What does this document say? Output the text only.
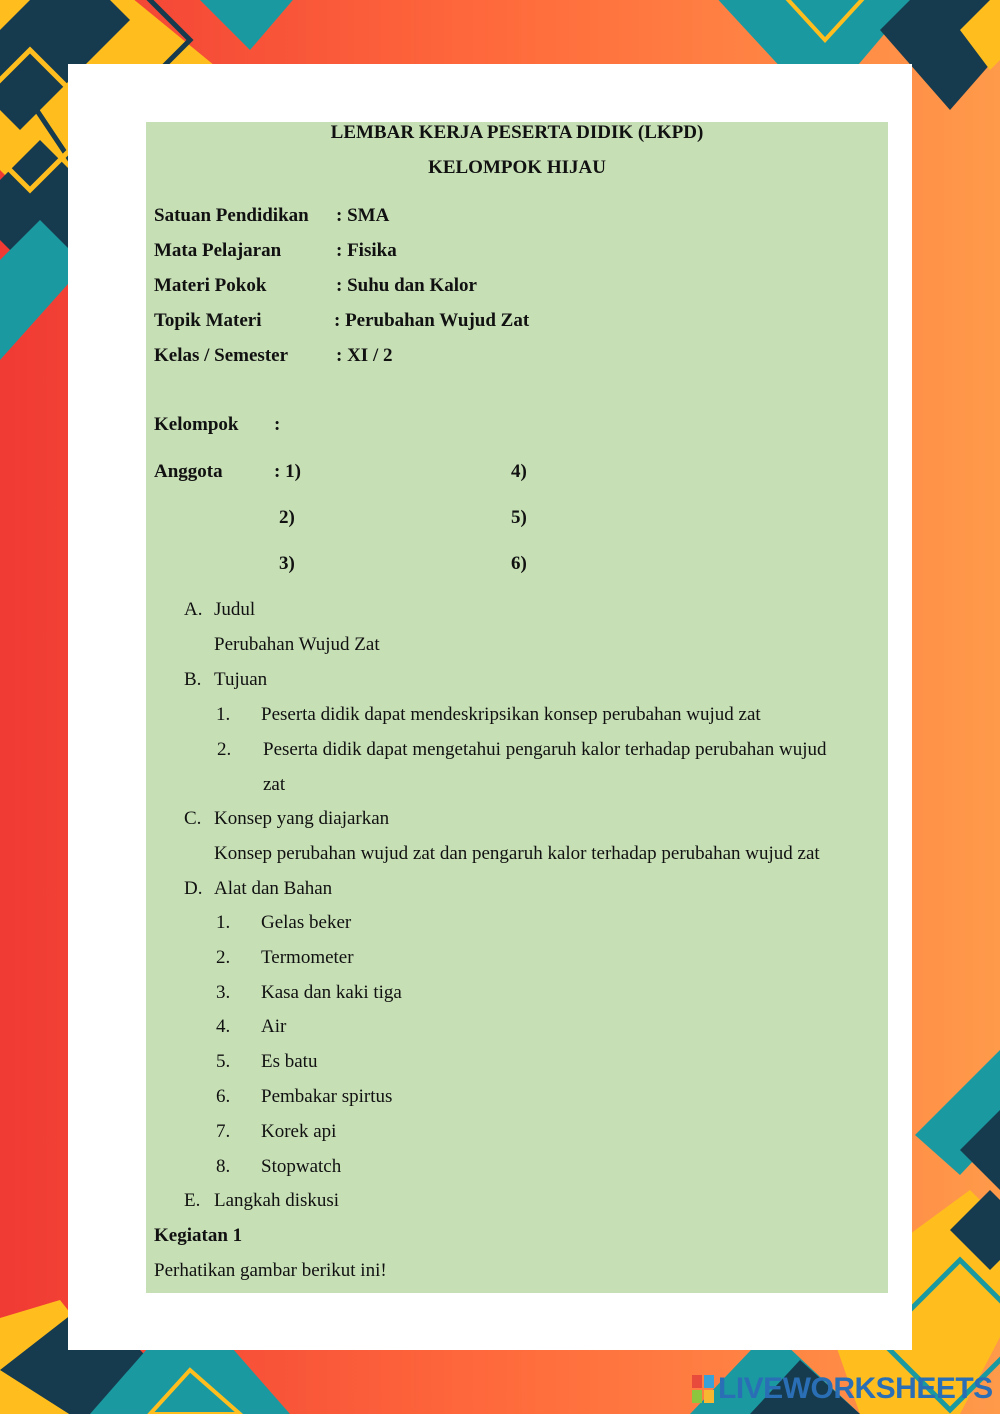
LEMBAR KERJA PESERTA DIDIK (LKPD)
KELOMPOK HIJAU
Satuan Pendidikan : SMA
Mata Pelajaran	: Fisika
Materi Pokok	: Suhu dan Kalor
Topik Materi	: Perubahan Wujud Zat
Kelas / Semester	: XI / 2
Kelompok :
Anggota	: 1)	4)
2)	5)
3)	6)
A. Judul
Perubahan Wujud Zat
B. Tujuan
1. Peserta didik dapat mendeskripsikan konsep perubahan wujud zat
2. Peserta didik dapat mengetahui pengaruh kalor terhadap perubahan wujud
zat
C. Konsep yang diajarkan
Konsep perubahan wujud zat dan pengaruh kalor terhadap perubahan wujud zat
D. Alat dan Bahan
1. Gelas beker
2. Termometer
3. Kasa dan kaki tiga
4. Air
5. Es batu
6. Pembakar spirtus
7. Korek api
8. Stopwatch
E. Langkah diskusi
Kegiatan 1
Perhatikan gambar berikut ini!
LIVEWORKSHEETS
